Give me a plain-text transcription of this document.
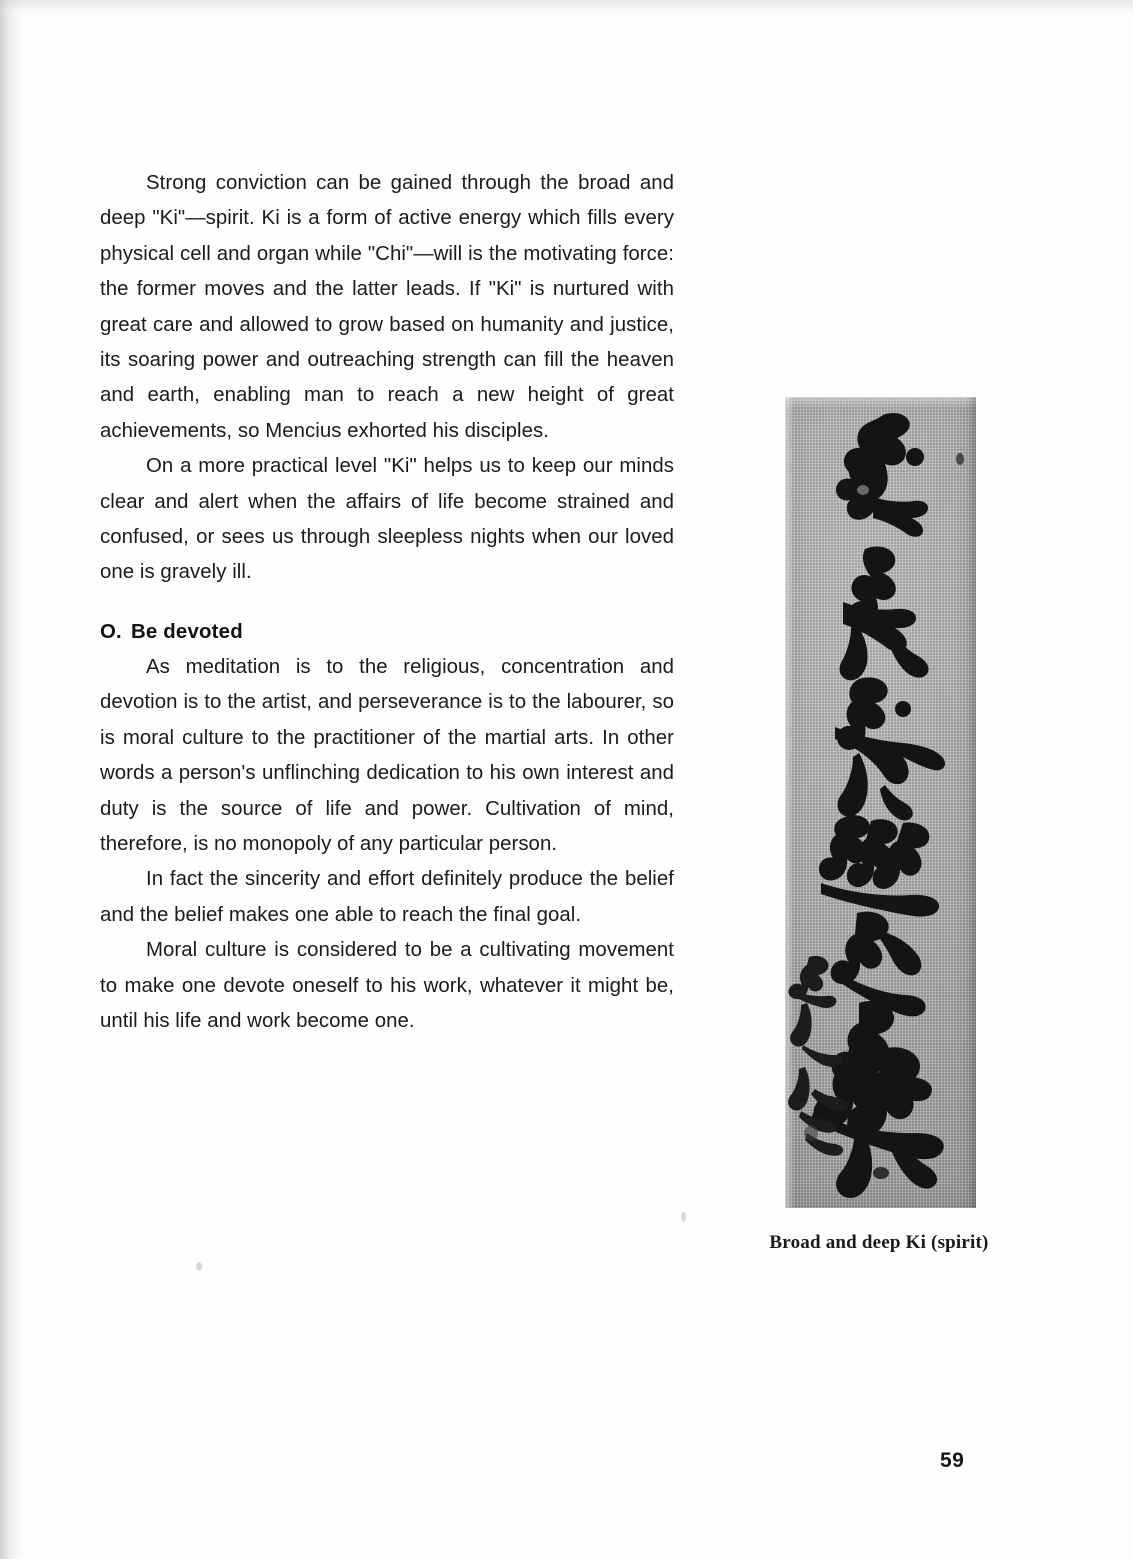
Strong conviction can be gained through the broad and deep "Ki"—spirit. Ki is a form of active energy which fills every physical cell and organ while "Chi"—will is the motivating force: the former moves and the latter leads. If "Ki" is nurtured with great care and allowed to grow based on humanity and justice, its soaring power and outreaching strength can fill the heaven and earth, enabling man to reach a new height of great achievements, so Mencius exhorted his disciples.

On a more practical level "Ki" helps us to keep our minds clear and alert when the affairs of life become strained and confused, or sees us through sleepless nights when our loved one is gravely ill.

O. Be devoted

As meditation is to the religious, concentration and devotion is to the artist, and perseverance is to the labourer, so is moral culture to the practitioner of the martial arts. In other words a person's unflinching dedication to his own interest and duty is the source of life and power. Cultivation of mind, therefore, is no monopoly of any particular person.

In fact the sincerity and effort definitely produce the belief and the belief makes one able to reach the final goal.

Moral culture is considered to be a cultivating movement to make one devote oneself to his work, whatever it might be, until his life and work become one.

Broad and deep Ki (spirit)
59
